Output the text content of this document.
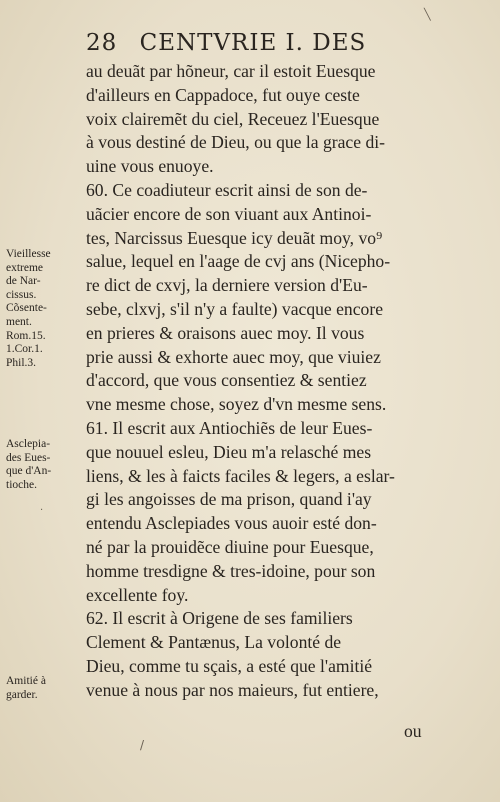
28 CENTVRIE I. DES
au deuãt par hõneur, car il estoit Euesque
d'ailleurs en Cappadoce, fut ouye ceste
voix clairemẽt du ciel, Receuez l'Euesque
à vous destiné de Dieu, ou que la grace di-
uine vous enuoye.
60. Ce coadiuteur escrit ainsi de son de-
uãcier encore de son viuant aux Antinoi-
tes, Narcissus Euesque icy deuãt moy, vo⁹
salue, lequel en l'aage de cvj ans (Nicepho-
re dict de cxvj, la derniere version d'Eu-
sebe, clxvj, s'il n'y a faulte) vacque encore
en prieres & oraisons auec moy. Il vous
prie aussi & exhorte auec moy, que viuiez
d'accord, que vous consentiez & sentiez
vne mesme chose, soyez d'vn mesme sens.
61. Il escrit aux Antiochiẽs de leur Eues-
que nouuel esleu, Dieu m'a relasché mes
liens, & les à faicts faciles & legers, a eslar-
gi les angoisses de ma prison, quand i'ay
entendu Asclepiades vous auoir esté don-
né par la prouidẽce diuine pour Euesque,
homme tresdigne & tres-idoine, pour son
excellente foy.
62. Il escrit à Origene de ses familiers
Clement & Pantænus, La volonté de
Dieu, comme tu sçais, a esté que l'amitié
venue à nous par nos maieurs, fut entiere,
Vieillesse
extreme
de Nar-
cissus.
Cõsente-
ment.
Rom.15.
1.Cor.1.
Phil.3.
Asclepia-
des Eues-
que d'An-
tioche.
Amitié à
garder.
ou
╲
/
·
